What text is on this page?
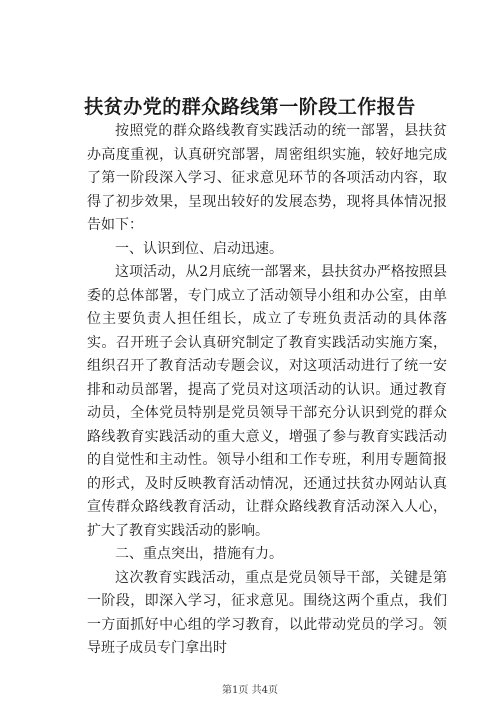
扶贫办党的群众路线第一阶段工作报告

按照党的群众路线教育实践活动的统一部署，县扶贫办高度重视，认真研究部署，周密组织实施，较好地完成了第一阶段深入学习、征求意见环节的各项活动内容，取得了初步效果，呈现出较好的发展态势，现将具体情况报告如下：

一、认识到位、启动迅速。

这项活动，从2月底统一部署来，县扶贫办严格按照县委的总体部署，专门成立了活动领导小组和办公室，由单位主要负责人担任组长，成立了专班负责活动的具体落实。召开班子会认真研究制定了教育实践活动实施方案，组织召开了教育活动专题会议，对这项活动进行了统一安排和动员部署，提高了党员对这项活动的认识。通过教育动员，全体党员特别是党员领导干部充分认识到党的群众路线教育实践活动的重大意义，增强了参与教育实践活动的自觉性和主动性。领导小组和工作专班，利用专题简报的形式，及时反映教育活动情况，还通过扶贫办网站认真宣传群众路线教育活动，让群众路线教育活动深入人心，扩大了教育实践活动的影响。

二、重点突出，措施有力。

这次教育实践活动，重点是党员领导干部，关键是第一阶段，即深入学习，征求意见。围绕这两个重点，我们一方面抓好中心组的学习教育，以此带动党员的学习。领导班子成员专门拿出时

第1页 共4页
